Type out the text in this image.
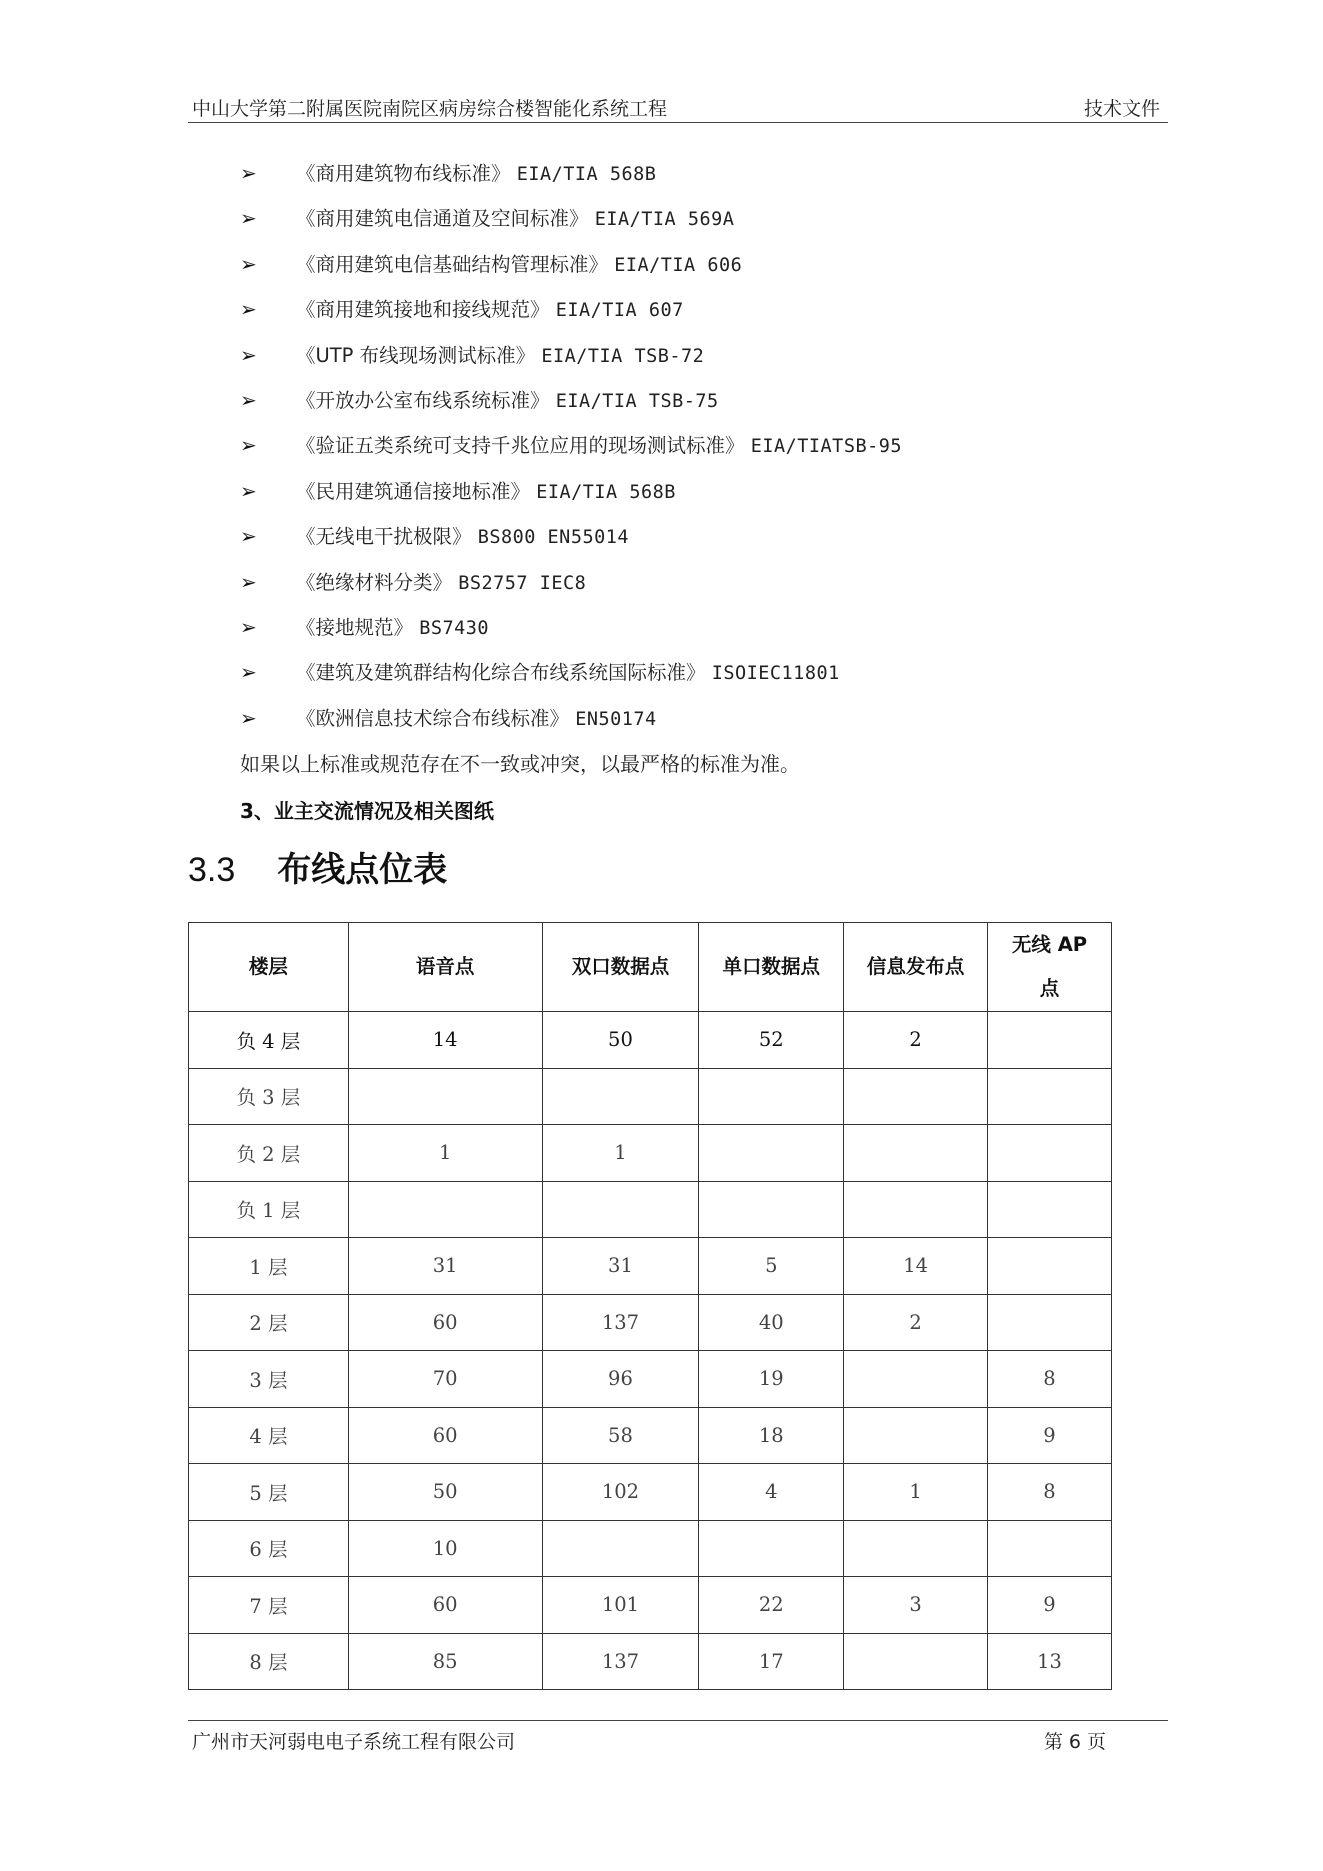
中山大学第二附属医院南院区病房综合楼智能化系统工程	技术文件
➢ 《商用建筑物布线标准》 EIA/TIA 568B
➢ 《商用建筑电信通道及空间标准》 EIA/TIA 569A
➢ 《商用建筑电信基础结构管理标准》 EIA/TIA 606
➢ 《商用建筑接地和接线规范》 EIA/TIA 607
➢ 《UTP 布线现场测试标准》 EIA/TIA TSB-72
➢ 《开放办公室布线系统标准》 EIA/TIA TSB-75
➢ 《验证五类系统可支持千兆位应用的现场测试标准》 EIA/TIATSB-95
➢ 《民用建筑通信接地标准》 EIA/TIA 568B
➢ 《无线电干扰极限》 BS800 EN55014
➢ 《绝缘材料分类》 BS2757 IEC8
➢ 《接地规范》 BS7430
➢ 《建筑及建筑群结构化综合布线系统国际标准》 ISOIEC11801
➢ 《欧洲信息技术综合布线标准》 EN50174
如果以上标准或规范存在不一致或冲突，以最严格的标准为准。
3、业主交流情况及相关图纸
3.3 布线点位表
楼层	语音点	双口数据点	单口数据点	信息发布点	无线 AP 点
负 4 层	14	50	52	2	
负 3 层					
负 2 层	1	1			
负 1 层					
1 层	31	31	5	14	
2 层	60	137	40	2	
3 层	70	96	19		8
4 层	60	58	18		9
5 层	50	102	4	1	8
6 层	10				
7 层	60	101	22	3	9
8 层	85	137	17		13
广州市天河弱电电子系统工程有限公司	第 6 页
